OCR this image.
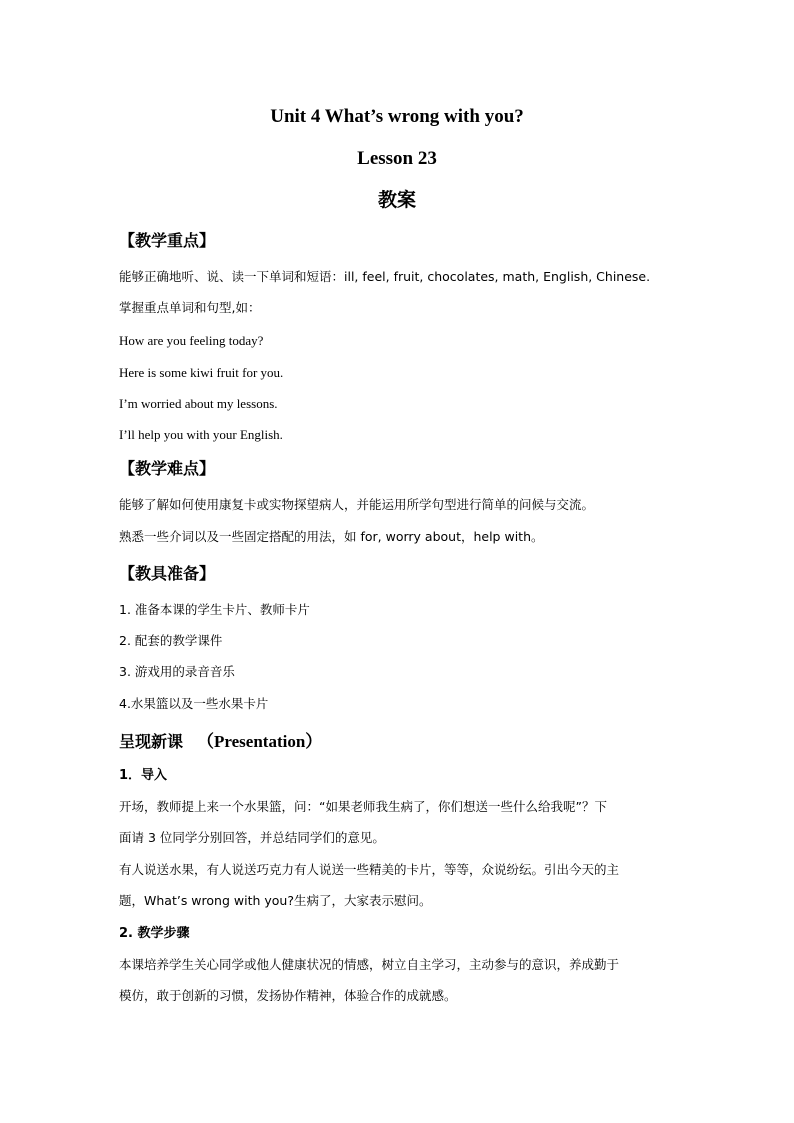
Unit 4 What’s wrong with you?
Lesson 23
教案
【教学重点】
能够正确地听、说、读一下单词和短语：ill, feel, fruit, chocolates, math, English, Chinese.
掌握重点单词和句型,如：
How are you feeling today?
Here is some kiwi fruit for you.
I’m worried about my lessons.
I’ll help you with your English.
【教学难点】
能够了解如何使用康复卡或实物探望病人，并能运用所学句型进行简单的问候与交流。
熟悉一些介词以及一些固定搭配的用法，如 for, worry about，help with。
【教具准备】
1. 准备本课的学生卡片、教师卡片
2. 配套的教学课件
3. 游戏用的录音音乐
4.水果篮以及一些水果卡片
呈现新课 （Presentation）
1．导入
开场，教师提上来一个水果篮，问：“如果老师我生病了，你们想送一些什么给我呢”？下
面请 3 位同学分别回答，并总结同学们的意见。
有人说送水果，有人说送巧克力有人说送一些精美的卡片，等等，众说纷纭。引出今天的主
题，What’s wrong with you?生病了，大家表示慰问。
2. 教学步骤
本课培养学生关心同学或他人健康状况的情感，树立自主学习，主动参与的意识，养成勤于
模仿，敢于创新的习惯，发扬协作精神，体验合作的成就感。
